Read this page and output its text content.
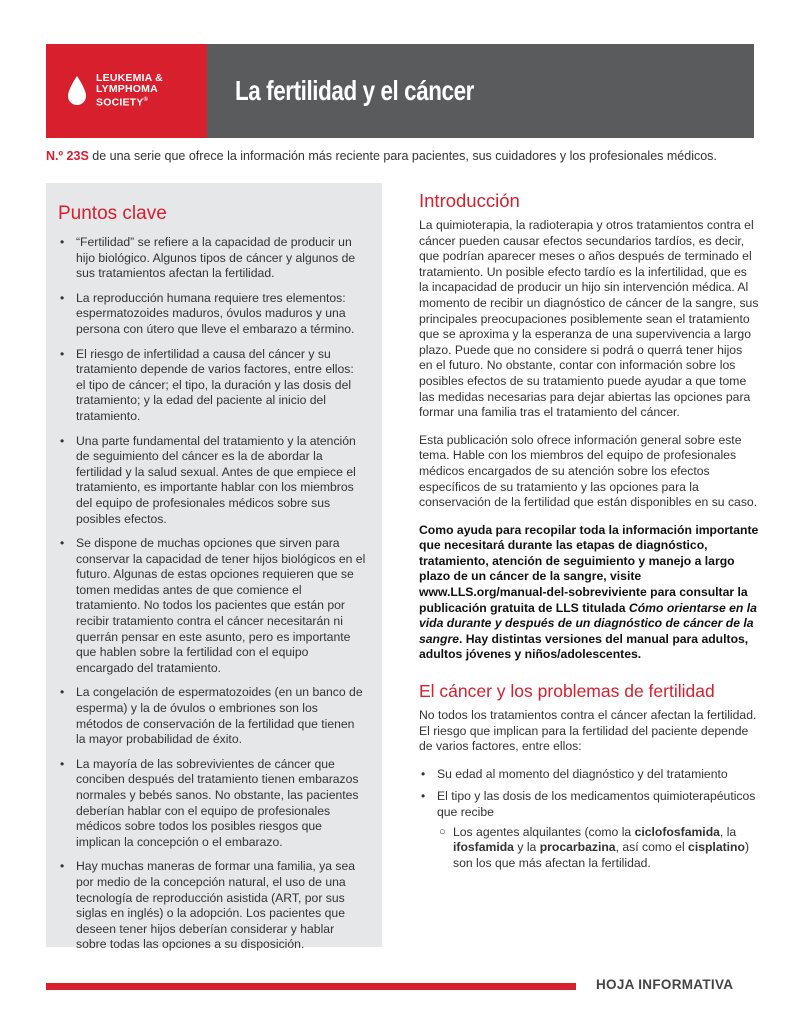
LEUKEMIA &
LYMPHOMA
SOCIETY®	La fertilidad y el cáncer
N.º 23S de una serie que ofrece la información más reciente para pacientes, sus cuidadores y los profesionales médicos.
Puntos clave
• “Fertilidad” se refiere a la capacidad de producir un hijo biológico. Algunos tipos de cáncer y algunos de sus tratamientos afectan la fertilidad.
• La reproducción humana requiere tres elementos: espermatozoides maduros, óvulos maduros y una persona con útero que lleve el embarazo a término.
• El riesgo de infertilidad a causa del cáncer y su tratamiento depende de varios factores, entre ellos: el tipo de cáncer; el tipo, la duración y las dosis del tratamiento; y la edad del paciente al inicio del tratamiento.
• Una parte fundamental del tratamiento y la atención de seguimiento del cáncer es la de abordar la fertilidad y la salud sexual. Antes de que empiece el tratamiento, es importante hablar con los miembros del equipo de profesionales médicos sobre sus posibles efectos.
• Se dispone de muchas opciones que sirven para conservar la capacidad de tener hijos biológicos en el futuro. Algunas de estas opciones requieren que se tomen medidas antes de que comience el tratamiento. No todos los pacientes que están por recibir tratamiento contra el cáncer necesitarán ni querrán pensar en este asunto, pero es importante que hablen sobre la fertilidad con el equipo encargado del tratamiento.
• La congelación de espermatozoides (en un banco de esperma) y la de óvulos o embriones son los métodos de conservación de la fertilidad que tienen la mayor probabilidad de éxito.
• La mayoría de las sobrevivientes de cáncer que conciben después del tratamiento tienen embarazos normales y bebés sanos. No obstante, las pacientes deberían hablar con el equipo de profesionales médicos sobre todos los posibles riesgos que implican la concepción o el embarazo.
• Hay muchas maneras de formar una familia, ya sea por medio de la concepción natural, el uso de una tecnología de reproducción asistida (ART, por sus siglas en inglés) o la adopción. Los pacientes que deseen tener hijos deberían considerar y hablar sobre todas las opciones a su disposición.
Introducción

La quimioterapia, la radioterapia y otros tratamientos contra el cáncer pueden causar efectos secundarios tardíos, es decir, que podrían aparecer meses o años después de terminado el tratamiento. Un posible efecto tardío es la infertilidad, que es la incapacidad de producir un hijo sin intervención médica. Al momento de recibir un diagnóstico de cáncer de la sangre, sus principales preocupaciones posiblemente sean el tratamiento que se aproxima y la esperanza de una supervivencia a largo plazo. Puede que no considere si podrá o querrá tener hijos en el futuro. No obstante, contar con información sobre los posibles efectos de su tratamiento puede ayudar a que tome las medidas necesarias para dejar abiertas las opciones para formar una familia tras el tratamiento del cáncer.

Esta publicación solo ofrece información general sobre este tema. Hable con los miembros del equipo de profesionales médicos encargados de su atención sobre los efectos específicos de su tratamiento y las opciones para la conservación de la fertilidad que están disponibles en su caso.

Como ayuda para recopilar toda la información importante que necesitará durante las etapas de diagnóstico, tratamiento, atención de seguimiento y manejo a largo plazo de un cáncer de la sangre, visite www.LLS.org/manual-del-sobreviviente para consultar la publicación gratuita de LLS titulada Cómo orientarse en la vida durante y después de un diagnóstico de cáncer de la sangre. Hay distintas versiones del manual para adultos, adultos jóvenes y niños/adolescentes.

El cáncer y los problemas de fertilidad

No todos los tratamientos contra el cáncer afectan la fertilidad. El riesgo que implican para la fertilidad del paciente depende de varios factores, entre ellos:

• Su edad al momento del diagnóstico y del tratamiento
• El tipo y las dosis de los medicamentos quimioterapéuticos que recibe
○ Los agentes alquilantes (como la ciclofosfamida, la ifosfamida y la procarbazina, así como el cisplatino) son los que más afectan la fertilidad.
HOJA INFORMATIVA
